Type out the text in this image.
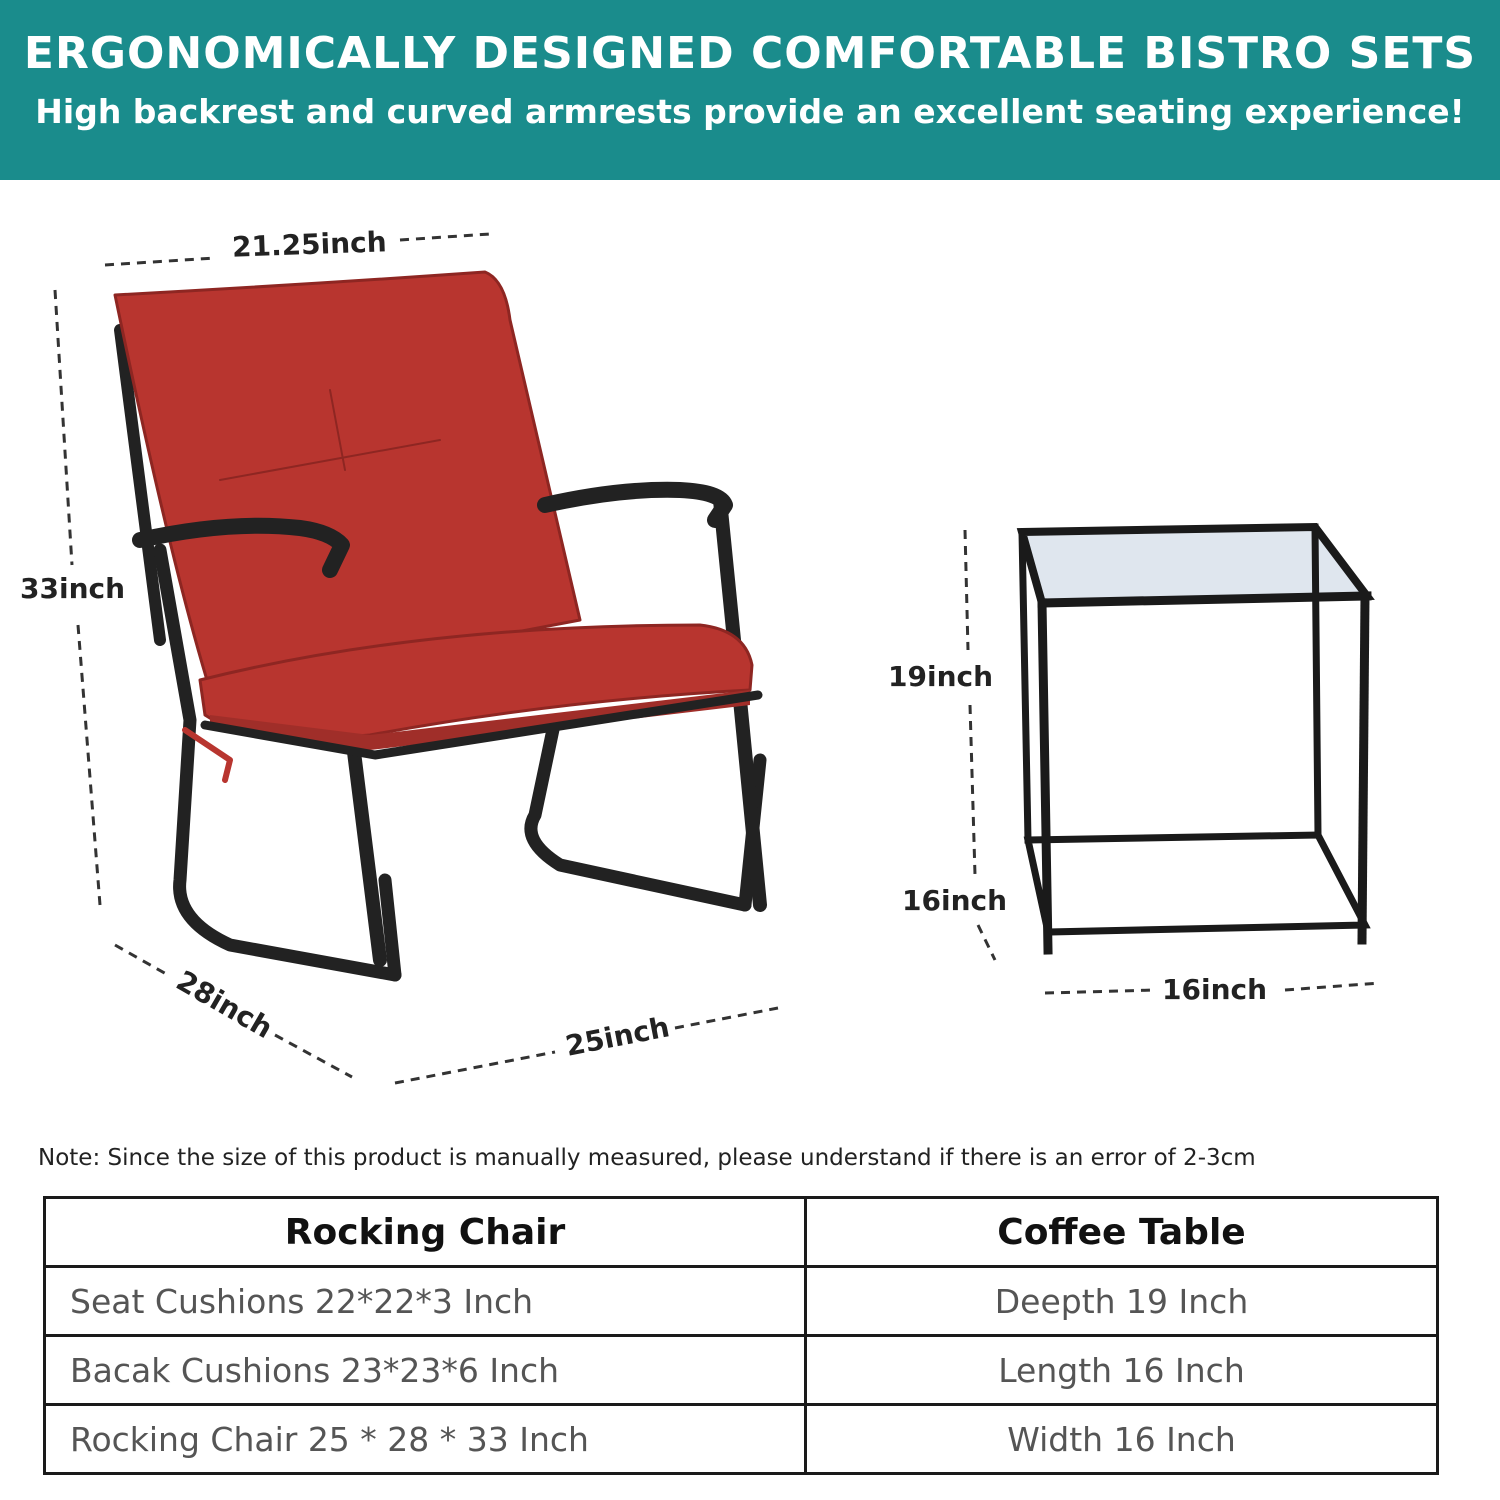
ERGONOMICALLY DESIGNED COMFORTABLE BISTRO SETS
High backrest and curved armrests provide an excellent seating experience!
21.25inch
33inch
28inch	25inch
19inch
16inch
16inch
Note: Since the size of this product is manually measured, please understand if there is an error of 2-3cm
Rocking Chair	Coffee Table
Seat Cushions 22*22*3 Inch	Deepth 19 Inch
Bacak Cushions 23*23*6 Inch	Length 16 Inch
Rocking Chair 25 * 28 * 33 Inch	Width 16 Inch
